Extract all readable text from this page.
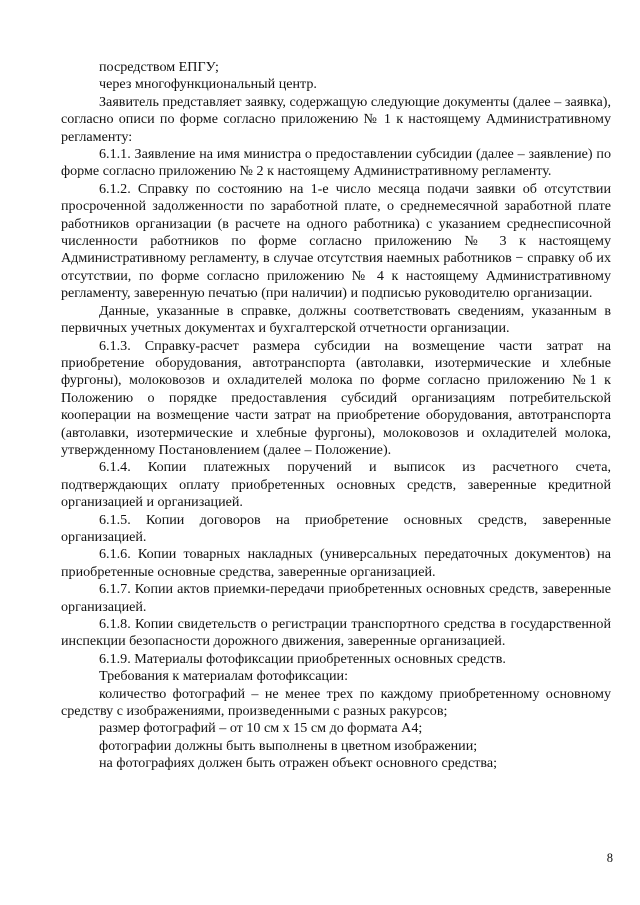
посредством ЕПГУ;

через многофункциональный центр.

Заявитель представляет заявку, содержащую следующие документы (далее – заявка), согласно описи по форме согласно приложению № 1 к настоящему Административному регламенту:

6.1.1. Заявление на имя министра о предоставлении субсидии (далее – заявление) по форме согласно приложению № 2 к настоящему Административному регламенту.

6.1.2. Справку по состоянию на 1-е число месяца подачи заявки об отсутствии просроченной задолженности по заработной плате, о среднемесячной заработной плате работников организации (в расчете на одного работника) с указанием среднесписочной численности работников по форме согласно приложению № 3 к настоящему Административному регламенту, в случае отсутствия наемных работников − справку об их отсутствии, по форме согласно приложению № 4 к настоящему Административному регламенту, заверенную печатью (при наличии) и подписью руководителю организации.

Данные, указанные в справке, должны соответствовать сведениям, указанным в первичных учетных документах и бухгалтерской отчетности организации.

6.1.3. Справку-расчет размера субсидии на возмещение части затрат на приобретение оборудования, автотранспорта (автолавки, изотермические и хлебные фургоны), молоковозов и охладителей молока по форме согласно приложению №1 к Положению о порядке предоставления субсидий организациям потребительской кооперации на возмещение части затрат на приобретение оборудования, автотранспорта (автолавки, изотермические и хлебные фургоны), молоковозов и охладителей молока, утвержденному Постановлением (далее – Положение).

6.1.4. Копии платежных поручений и выписок из расчетного счета, подтверждающих оплату приобретенных основных средств, заверенные кредитной организацией и организацией.

6.1.5. Копии договоров на приобретение основных средств, заверенные организацией.

6.1.6. Копии товарных накладных (универсальных передаточных документов) на приобретенные основные средства, заверенные организацией.

6.1.7. Копии актов приемки-передачи приобретенных основных средств, заверенные организацией.

6.1.8. Копии свидетельств о регистрации транспортного средства в государственной инспекции безопасности дорожного движения, заверенные организацией.

6.1.9. Материалы фотофиксации приобретенных основных средств.

Требования к материалам фотофиксации:

количество фотографий – не менее трех по каждому приобретенному основному средству с изображениями, произведенными с разных ракурсов;

размер фотографий – от 10 см х 15 см до формата А4;

фотографии должны быть выполнены в цветном изображении;

на фотографиях должен быть отражен объект основного средства;

8
